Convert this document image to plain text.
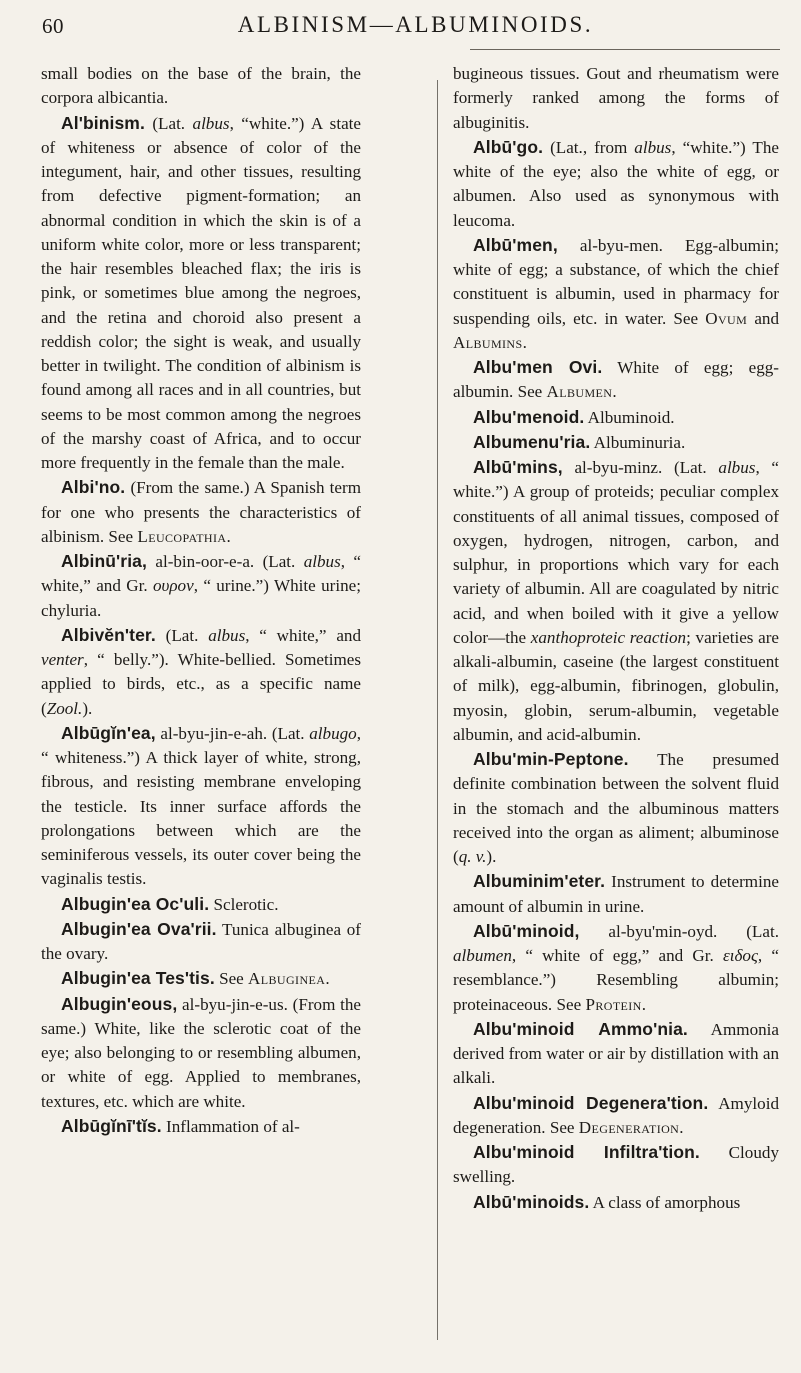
60	ALBINISM—ALBUMINOIDS.

small bodies on the base of the brain, the corpora albicantia.

Al'binism. (Lat. albus, “white.”) A state of whiteness or absence of color of the integument, hair, and other tissues, resulting from defective pigment-formation; an abnormal condition in which the skin is of a uniform white color, more or less transparent; the hair resembles bleached flax; the iris is pink, or sometimes blue among the negroes, and the retina and choroid also present a reddish color; the sight is weak, and usually better in twilight. The condition of albinism is found among all races and in all countries, but seems to be most common among the negroes of the marshy coast of Africa, and to occur more frequently in the female than the male.

Albi'no. (From the same.) A Spanish term for one who presents the characteristics of albinism. See Leucopathia.

Albinū'ria, al-bin-oor-e-a. (Lat. albus, “ white,” and Gr. ουρον, “ urine.”) White urine; chyluria.

Albivĕn'ter. (Lat. albus, “ white,” and venter, “ belly.”). White-bellied. Sometimes applied to birds, etc., as a specific name (Zool.).

Albūgĭn'ea, al-byu-jin-e-ah. (Lat. albugo, “ whiteness.”) A thick layer of white, strong, fibrous, and resisting membrane enveloping the testicle. Its inner surface affords the prolongations between which are the seminiferous vessels, its outer cover being the vaginalis testis.

Albugin'ea Oc'uli. Sclerotic.

Albugin'ea Ova'rii. Tunica albuginea of the ovary.

Albugin'ea Tes'tis. See Albuginea.

Albugin'eous, al-byu-jin-e-us. (From the same.) White, like the sclerotic coat of the eye; also belonging to or resembling albumen, or white of egg. Applied to membranes, textures, etc. which are white.

Albūgĭnī'tĭs. Inflammation of al-

bugineous tissues. Gout and rheumatism were formerly ranked among the forms of albuginitis.

Albū'go. (Lat., from albus, “white.”) The white of the eye; also the white of egg, or albumen. Also used as synonymous with leucoma.

Albū'men, al-byu-men. Egg-albumin; white of egg; a substance, of which the chief constituent is albumin, used in pharmacy for suspending oils, etc. in water. See Ovum and Albumins.

Albu'men Ovi. White of egg; egg-albumin. See Albumen.

Albu'menoid. Albuminoid.

Albumenu'ria. Albuminuria.

Albū'mins, al-byu-minz. (Lat. albus, “ white.”) A group of proteids; peculiar complex constituents of all animal tissues, composed of oxygen, hydrogen, nitrogen, carbon, and sulphur, in proportions which vary for each variety of albumin. All are coagulated by nitric acid, and when boiled with it give a yellow color—the xanthoproteic reaction; varieties are alkali-albumin, caseine (the largest constituent of milk), egg-albumin, fibrinogen, globulin, myosin, globin, serum-albumin, vegetable albumin, and acid-albumin.

Albu'min-Peptone. The presumed definite combination between the solvent fluid in the stomach and the albuminous matters received into the organ as aliment; albuminose (q. v.).

Albuminim'eter. Instrument to determine amount of albumin in urine.

Albū'minoid, al-byu'min-oyd. (Lat. albumen, “ white of egg,” and Gr. ειδος, “ resemblance.”) Resembling albumin; proteinaceous. See Protein.

Albu'minoid Ammo'nia. Ammonia derived from water or air by distillation with an alkali.

Albu'minoid Degenera'tion. Amyloid degeneration. See Degeneration.

Albu'minoid Infiltra'tion. Cloudy swelling.

Albū'minoids. A class of amorphous
